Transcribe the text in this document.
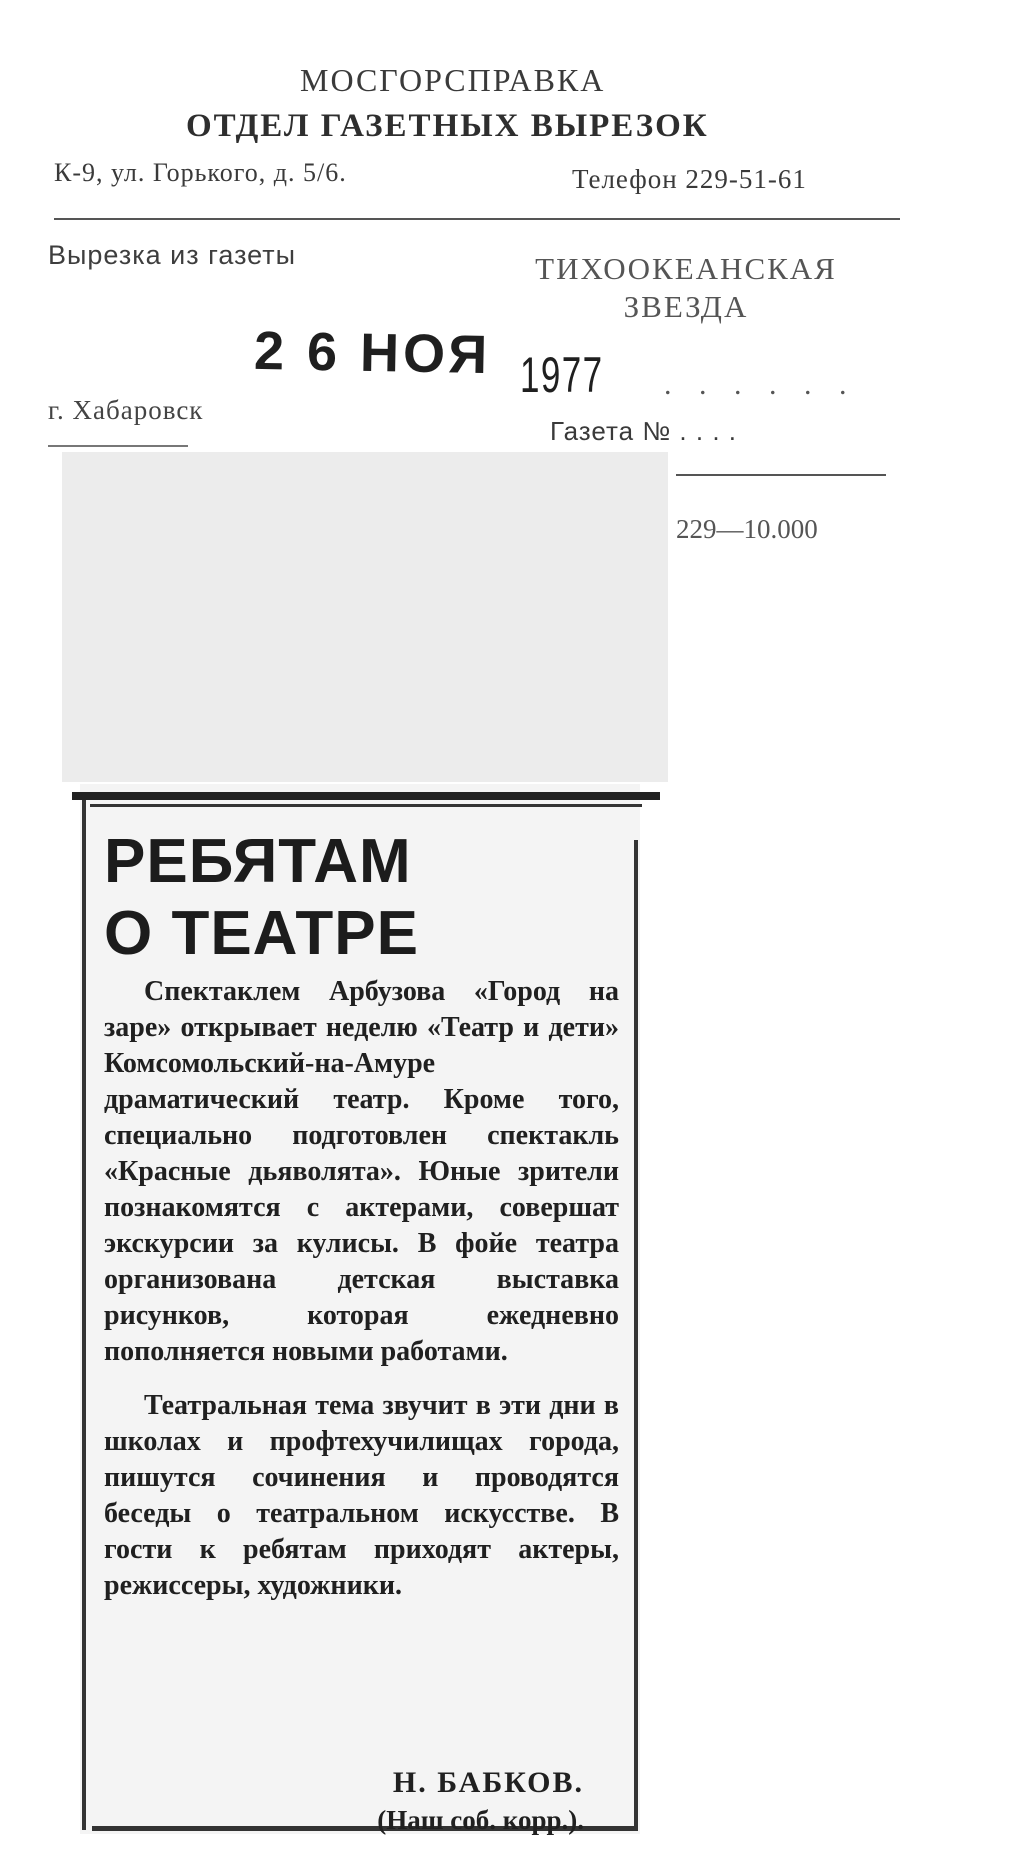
МОСГОРСПРАВКА
ОТДЕЛ ГАЗЕТНЫХ ВЫРЕЗОК
К-9, ул. Горького, д. 5/6.	Телефон 229-51-61
Вырезка из газеты	ТИХООКЕАНСКАЯ ЗВЕЗДА
2 6 НОЯ 1977 . . . . . .
г. Хабаровск
Газета № . . . .
229—10.000
РЕБЯТАМ
О ТЕАТРЕ

Спектаклем Арбузова «Город на заре» открывает неделю «Театр и дети» Комсомольский-на-Амуре драматический театр. Кроме того, специально подготовлен спектакль «Красные дьяволята». Юные зрители познакомятся с актерами, совершат экскурсии за кулисы. В фойе театра организована детская выставка рисунков, которая ежедневно пополняется новыми работами.

Театральная тема звучит в эти дни в школах и профтехучилищах города, пишутся сочинения и проводятся беседы о театральном искусстве. В гости к ребятам приходят актеры, режиссеры, художники.

Н. БАБКОВ.
(Наш соб. корр.).
